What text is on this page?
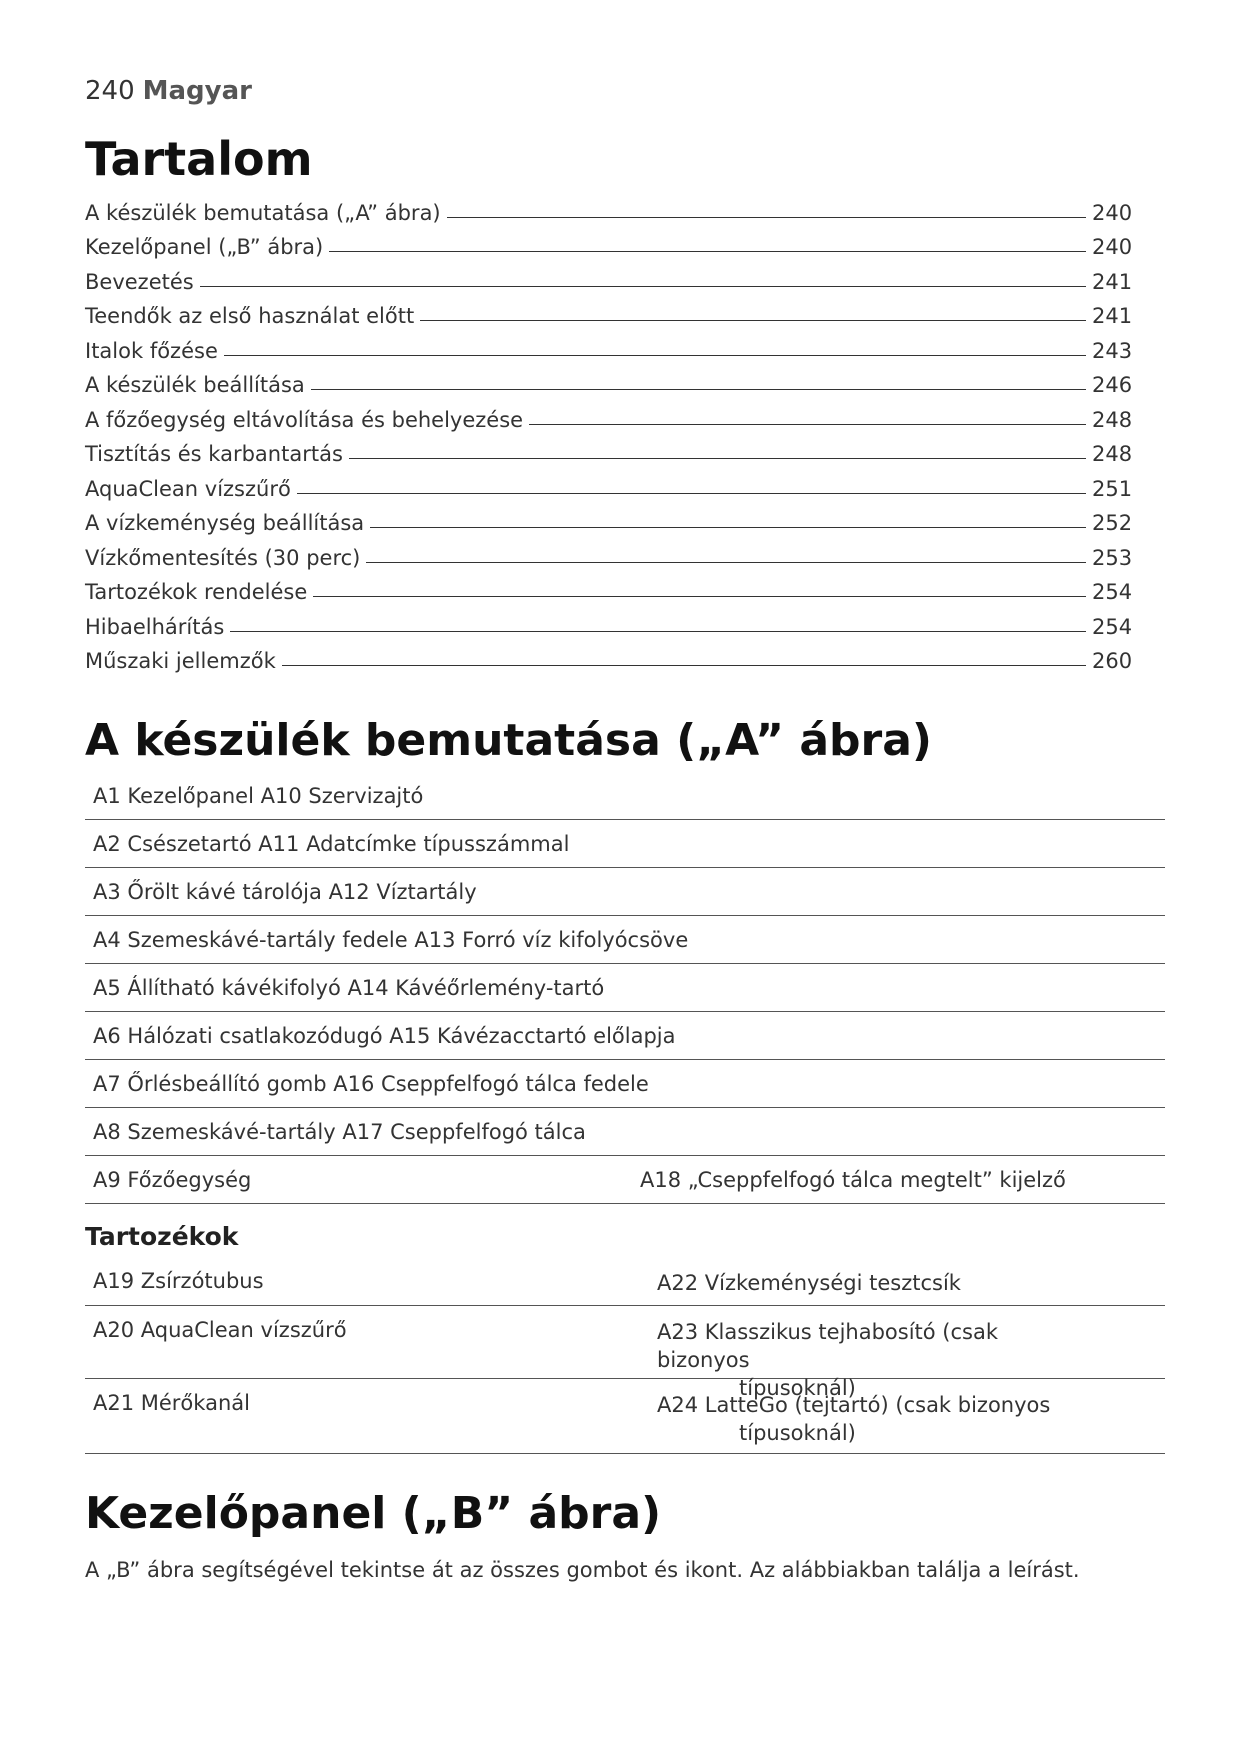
240 Magyar
Tartalom
A készülék bemutatása („A” ábra)	240
Kezelőpanel („B” ábra)	240
Bevezetés	241
Teendők az első használat előtt	241
Italok főzése	243
A készülék beállítása	246
A főzőegység eltávolítása és behelyezése	248
Tisztítás és karbantartás	248
AquaClean vízszűrő	251
A vízkeménység beállítása	252
Vízkőmentesítés (30 perc)	253
Tartozékok rendelése	254
Hibaelhárítás	254
Műszaki jellemzők	260
A készülék bemutatása („A” ábra)
A1 Kezelőpanel A10 Szervizajtó
A2 Csészetartó A11 Adatcímke típusszámmal
A3 Őrölt kávé tárolója A12 Víztartály
A4 Szemeskávé-tartály fedele A13 Forró víz kifolyócsöve
A5 Állítható kávékifolyó A14 Kávéőrlemény-tartó
A6 Hálózati csatlakozódugó A15 Kávézacctartó előlapja
A7 Őrlésbeállító gomb A16 Cseppfelfogó tálca fedele
A8 Szemeskávé-tartály A17 Cseppfelfogó tálca
A9 Főzőegység	A18 „Cseppfelfogó tálca megtelt” kijelző
Tartozékok
A19 Zsírzótubus	A22 Vízkeménységi tesztcsík
A20 AquaClean vízszűrő	A23 Klasszikus tejhabosító (csak bizonyos
típusoknál)
A21 Mérőkanál	A24 LatteGo (tejtartó) (csak bizonyos
típusoknál)
Kezelőpanel („B” ábra)
A „B” ábra segítségével tekintse át az összes gombot és ikont. Az alábbiakban találja a leírást.
